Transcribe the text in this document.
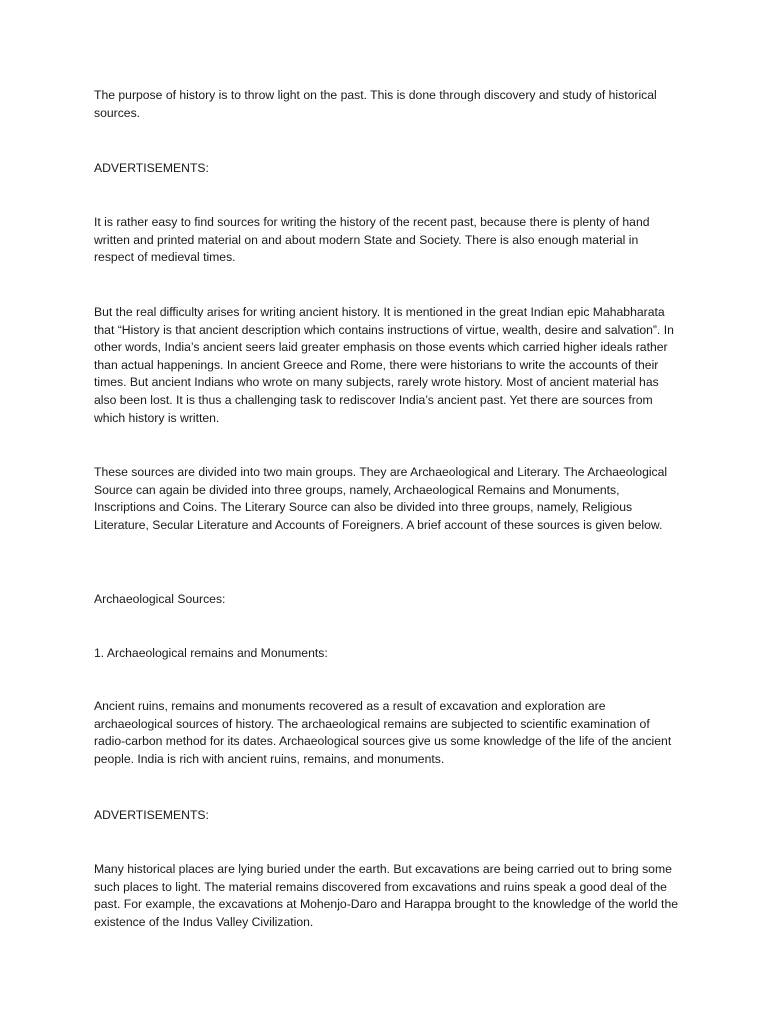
The purpose of history is to throw light on the past. This is done through discovery and study of historical sources.

ADVERTISEMENTS:

It is rather easy to find sources for writing the history of the recent past, because there is plenty of hand written and printed material on and about modern State and Society. There is also enough material in respect of medieval times.

But the real difficulty arises for writing ancient history. It is mentioned in the great Indian epic Mahabharata that “History is that ancient description which contains instructions of virtue, wealth, desire and salvation”. In other words, India’s ancient seers laid greater emphasis on those events which carried higher ideals rather than actual happenings. In ancient Greece and Rome, there were historians to write the accounts of their times. But ancient Indians who wrote on many subjects, rarely wrote history. Most of ancient material has also been lost. It is thus a challenging task to rediscover India’s ancient past. Yet there are sources from which history is written.

These sources are divided into two main groups. They are Archaeological and Literary. The Archaeological Source can again be divided into three groups, namely, Archaeological Remains and Monuments, Inscriptions and Coins. The Literary Source can also be divided into three groups, namely, Religious Literature, Secular Literature and Accounts of Foreigners. A brief account of these sources is given below.

Archaeological Sources:

1. Archaeological remains and Monuments:

Ancient ruins, remains and monuments recovered as a result of excavation and exploration are archaeological sources of history. The archaeological remains are subjected to scientific examination of radio-carbon method for its dates. Archaeological sources give us some knowledge of the life of the ancient people. India is rich with ancient ruins, remains, and monuments.

ADVERTISEMENTS:

Many historical places are lying buried under the earth. But excavations are being carried out to bring some such places to light. The material remains discovered from excavations and ruins speak a good deal of the past. For example, the excavations at Mohenjo-Daro and Harappa brought to the knowledge of the world the existence of the Indus Valley Civilization.
